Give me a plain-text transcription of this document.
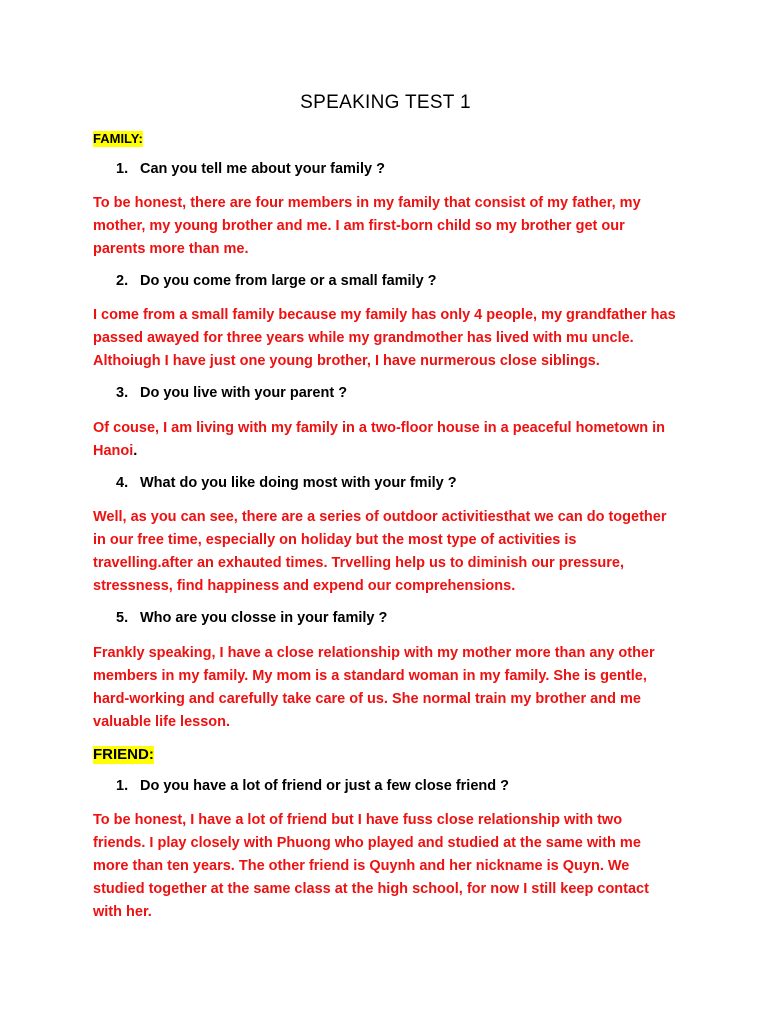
SPEAKING TEST 1
FAMILY:
1. Can you tell me about your family ?

To be honest, there are four members in my family that consist of my father, my mother, my young brother and me. I am first-born child so my brother get our parents more than me.

2. Do you come from large or a small family ?

I come from a small family because my family has only 4 people, my grandfather has passed awayed for three years while my grandmother has lived with mu uncle. Althoiugh I have just one young brother, I have nurmerous close siblings.

3. Do you live with your parent ?

Of couse, I am living with my family in a two-floor house in a peaceful hometown in Hanoi.

4. What do you like doing most with your fmily ?

Well, as you can see, there are a series of outdoor activitiesthat we can do together in our free time, especially on holiday but the most type of activities is travelling.after an exhauted times. Trvelling help us to diminish our pressure, stressness, find happiness and expend our comprehensions.

5. Who are you closse in your family ?

Frankly speaking, I have a close relationship with my mother more than any other members in my family. My mom is a standard woman in my family. She is gentle, hard-working and carefully take care of us. She normal train my brother and me valuable life lesson.

FRIEND:
1. Do you have a lot of friend or just a few close friend ?

To be honest, I have a lot of friend but I have fuss close relationship with two friends. I play closely with Phuong who played and studied at the same with me more than ten years. The other friend is Quynh and her nickname is Quyn. We studied together at the same class at the high school, for now I still keep contact with her.
